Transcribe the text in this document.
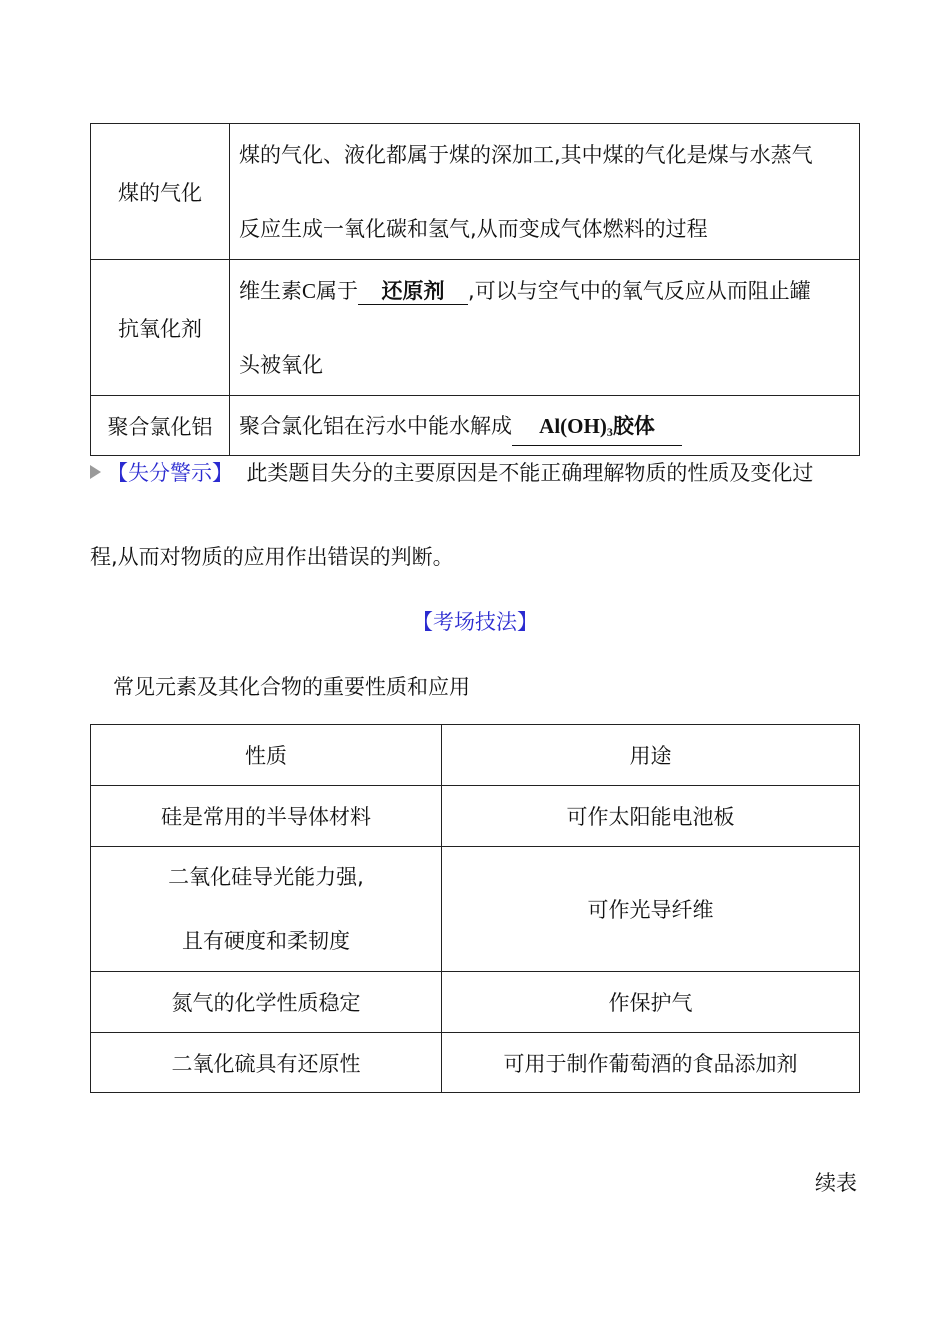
煤的气化	煤的气化、液化都属于煤的深加工,其中煤的气化是煤与水蒸气
反应生成一氧化碳和氢气,从而变成气体燃料的过程

抗氧化剂	维生素C属于 还原剂 ,可以与空气中的氧气反应从而阻止罐
头被氧化

聚合氯化铝	聚合氯化铝在污水中能水解成 $Al(OH)_3$胶体
【失分警示】 此类题目失分的主要原因是不能正确理解物质的性质及变化过
程,从而对物质的应用作出错误的判断。
【考场技法】
常见元素及其化合物的重要性质和应用
性质	用途
硅是常用的半导体材料	可作太阳能电池板

二氧化硅导光能力强,
且有硬度和柔韧度	可作光导纤维
氮气的化学性质稳定	作保护气
二氧化硫具有还原性	可用于制作葡萄酒的食品添加剂
续表
